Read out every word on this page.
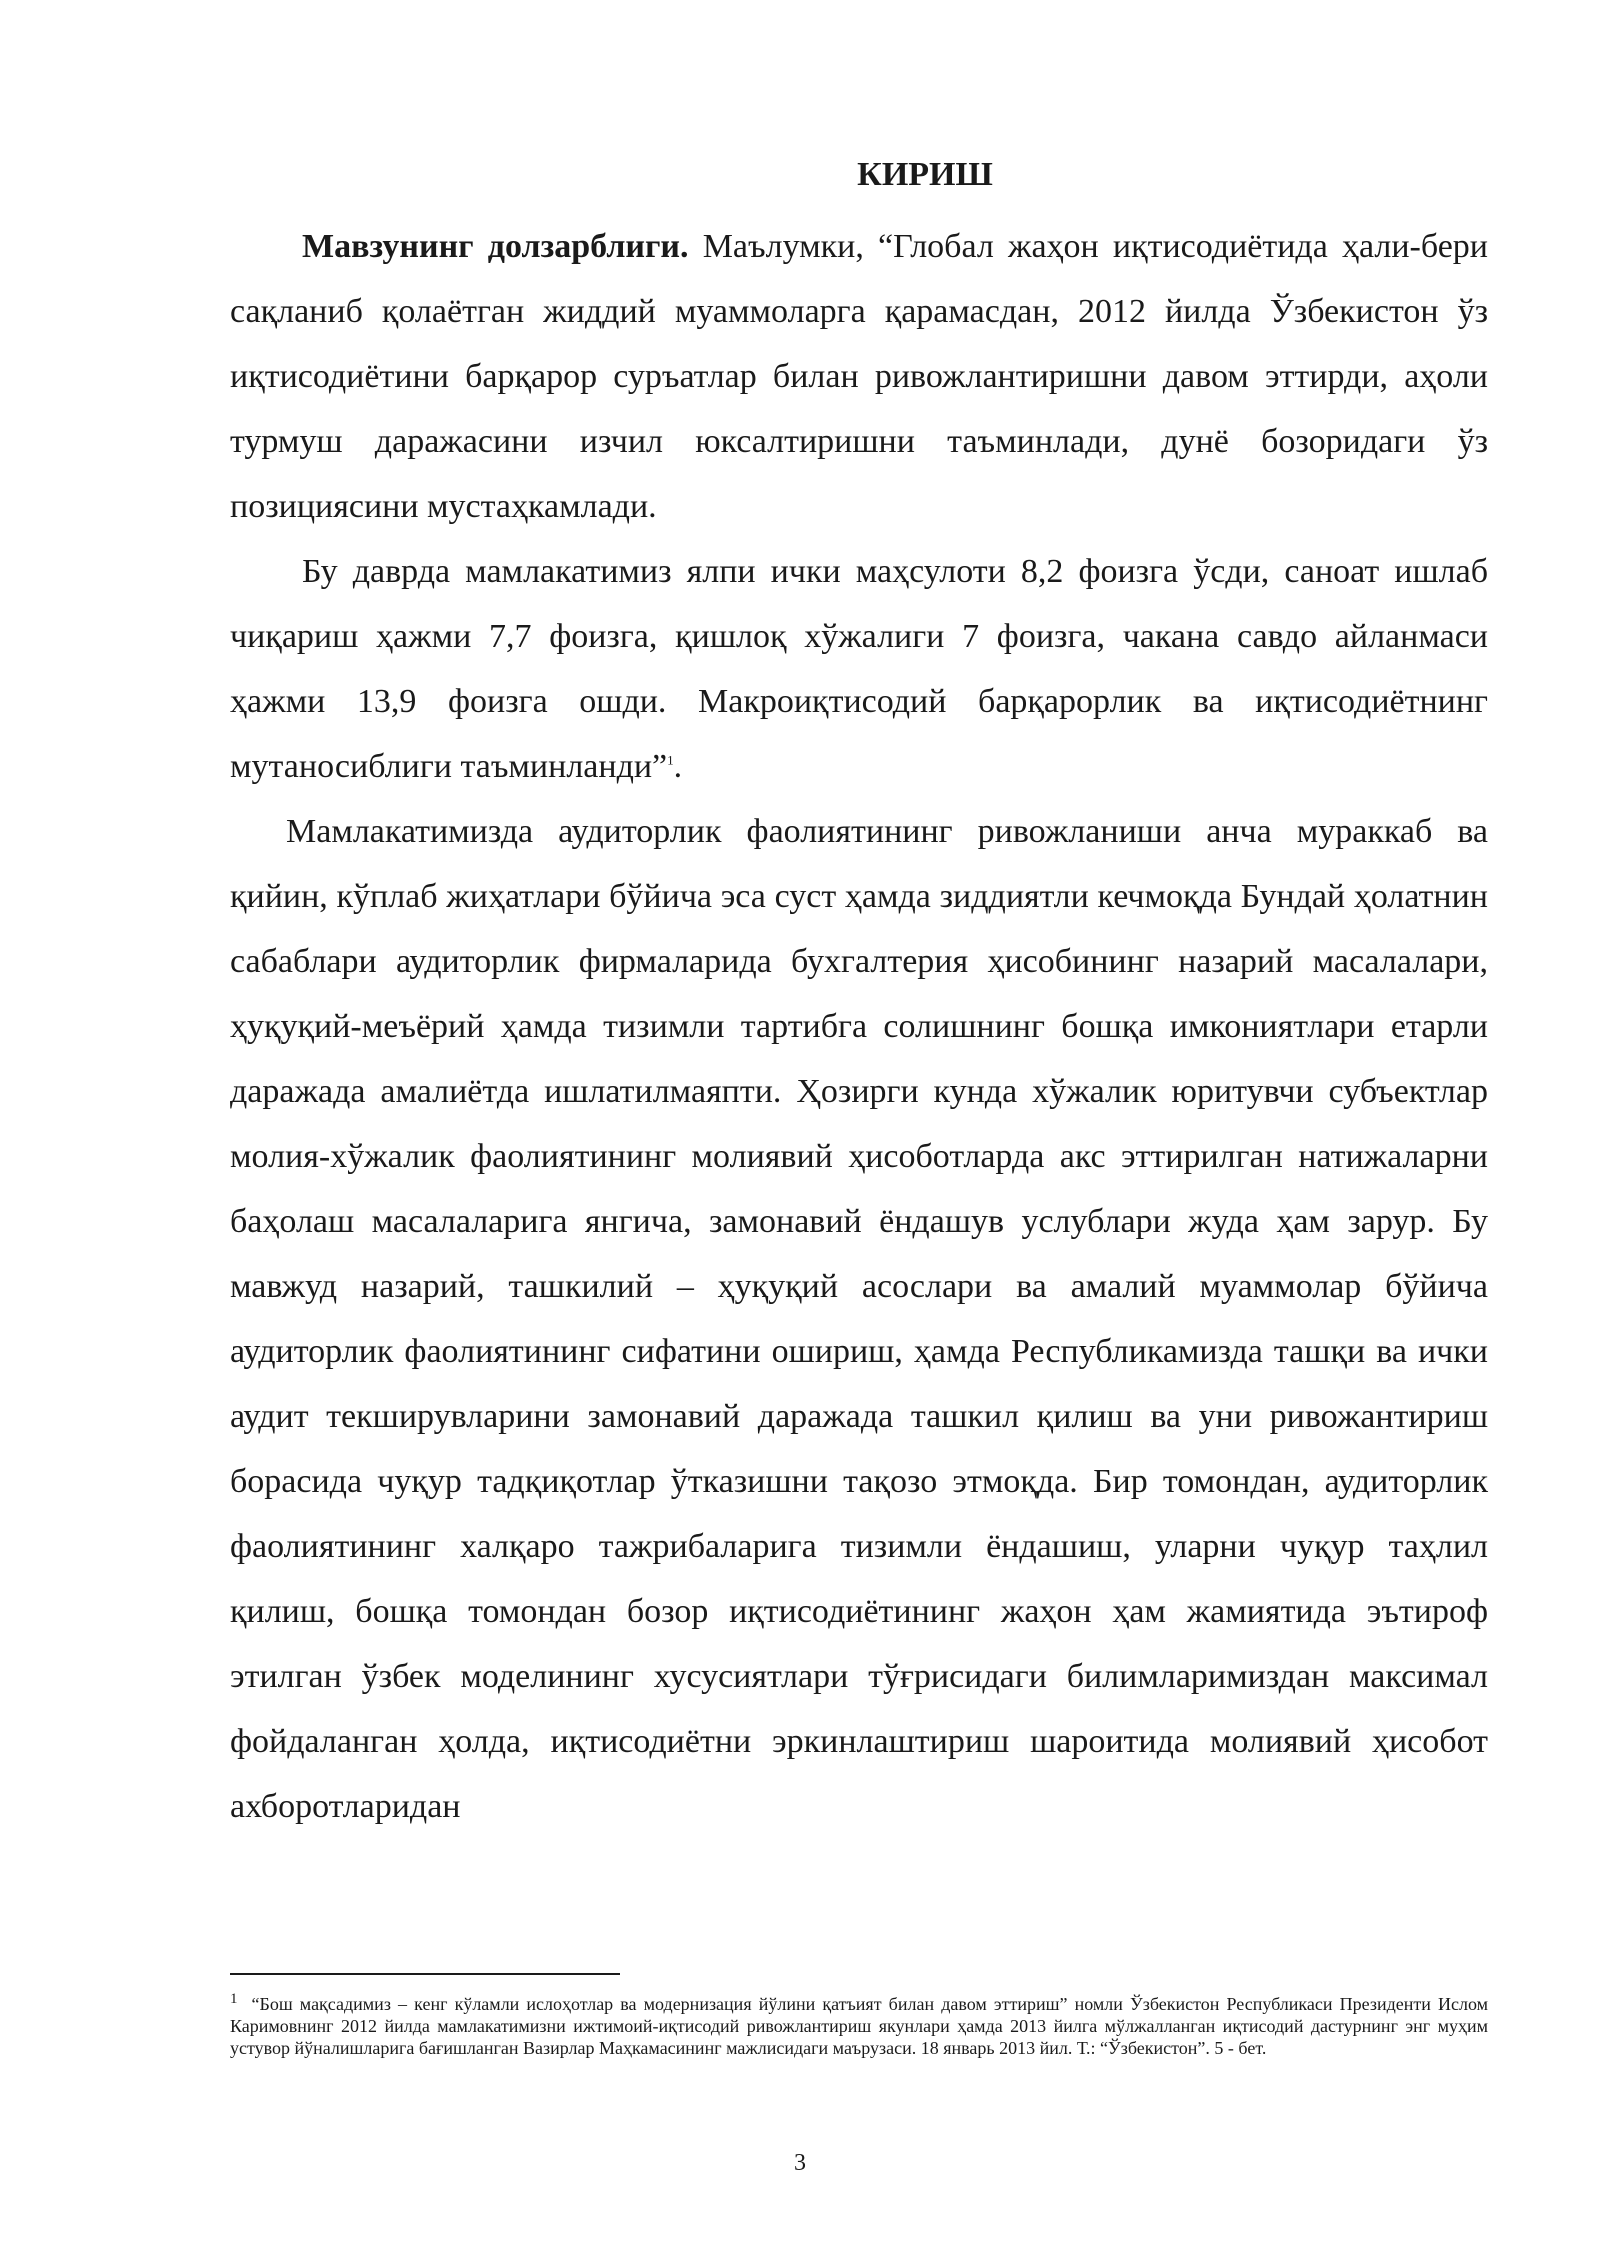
КИРИШ

Мавзунинг долзарблиги. Маълумки, “Глобал жаҳон иқтисодиётида ҳали-бери сақланиб қолаётган жиддий муаммоларга қарамасдан, 2012 йилда Ўзбекистон ўз иқтисодиётини барқарор суръатлар билан ривожлантиришни давом эттирди, аҳоли турмуш даражасини изчил юксалтиришни таъминлади, дунё бозоридаги ўз позициясини мустаҳкамлади.

Бу даврда мамлакатимиз ялпи ички маҳсулоти 8,2 фоизга ўсди, саноат ишлаб чиқариш ҳажми 7,7 фоизга, қишлоқ хўжалиги 7 фоизга, чакана савдо айланмаси ҳажми 13,9 фоизга ошди. Макроиқтисодий барқарорлик ва иқтисодиётнинг мутаносиблиги таъминланди”$^1$.

Мамлакатимизда аудиторлик фаолиятининг ривожланиши анча мураккаб ва қийин, кўплаб жиҳатлари бўйича эса суст ҳамда зиддиятли кечмоқда Бундай ҳолатнин сабаблари аудиторлик фирмаларида бухгалтерия ҳисобининг назарий масалалари, ҳуқуқий-меъёрий ҳамда тизимли тартибга солишнинг бошқа имкониятлари етарли даражада амалиётда ишлатилмаяпти. Ҳозирги кунда хўжалик юритувчи субъектлар молия-хўжалик фаолиятининг молиявий ҳисоботларда акс эттирилган натижаларни баҳолаш масалаларига янгича, замонавий ёндашув услублари жуда ҳам зарур. Бу мавжуд назарий, ташкилий – ҳуқуқий асослари ва амалий муаммолар бўйича аудиторлик фаолиятининг сифатини ошириш, ҳамда Республикамизда ташқи ва ички аудит текширувларини замонавий даражада ташкил қилиш ва уни ривожантириш борасида чуқур тадқиқотлар ўтказишни тақозо этмоқда. Бир томондан, аудиторлик фаолиятининг халқаро тажрибаларига тизимли ёндашиш, уларни чуқур таҳлил қилиш, бошқа томондан бозор иқтисодиётининг жаҳон ҳам жамиятида эътироф этилган ўзбек моделининг хусусиятлари тўғрисидаги билимларимиздан максимал фойдаланган ҳолда, иқтисодиётни эркинлаштириш шароитида молиявий ҳисобот ахборотларидан

$^1$ “Бош мақсадимиз – кенг кўламли ислоҳотлар ва модернизация йўлини қатъият билан давом эттириш” номли Ўзбекистон Республикаси Президенти Ислом Каримовнинг 2012 йилда мамлакатимизни ижтимоий-иқтисодий ривожлантириш якунлари ҳамда 2013 йилга мўлжалланган иқтисодий дастурнинг энг муҳим устувор йўналишларига бағишланган Вазирлар Маҳкамасининг мажлисидаги маърузаси. 18 январь 2013 йил. Т.: “Ўзбекистон”. 5 - бет.

3
